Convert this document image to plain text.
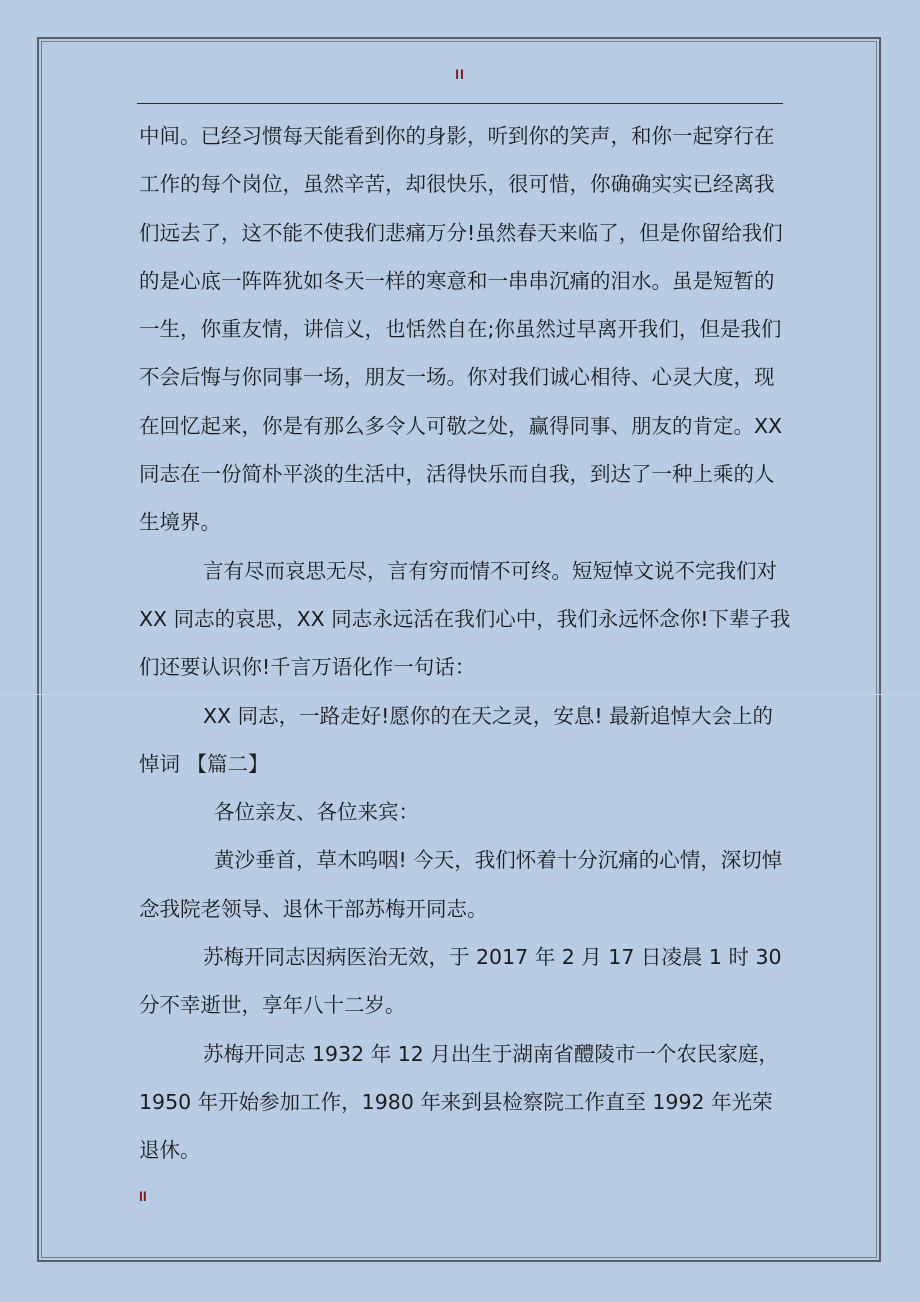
II

中间。已经习惯每天能看到你的身影，听到你的笑声，和你一起穿行在工作的每个岗位，虽然辛苦，却很快乐，很可惜，你确确实实已经离我们远去了，这不能不使我们悲痛万分!虽然春天来临了，但是你留给我们的是心底一阵阵犹如冬天一样的寒意和一串串沉痛的泪水。虽是短暂的一生，你重友情，讲信义，也恬然自在;你虽然过早离开我们，但是我们不会后悔与你同事一场，朋友一场。你对我们诚心相待、心灵大度，现在回忆起来，你是有那么多令人可敬之处，赢得同事、朋友的肯定。XX 同志在一份简朴平淡的生活中，活得快乐而自我，到达了一种上乘的人生境界。

言有尽而哀思无尽，言有穷而情不可终。短短悼文说不完我们对 XX 同志的哀思，XX 同志永远活在我们心中，我们永远怀念你!下辈子我们还要认识你!千言万语化作一句话：

XX 同志，一路走好!愿你的在天之灵，安息! 最新追悼大会上的悼词 【篇二】

各位亲友、各位来宾：

黄沙垂首，草木呜咽! 今天，我们怀着十分沉痛的心情，深切悼念我院老领导、退休干部苏梅开同志。

苏梅开同志因病医治无效，于 2017 年 2 月 17 日凌晨 1 时 30 分不幸逝世，享年八十二岁。

苏梅开同志 1932 年 12 月出生于湖南省醴陵市一个农民家庭，1950 年开始参加工作，1980 年来到县检察院工作直至 1992 年光荣退休。

II
